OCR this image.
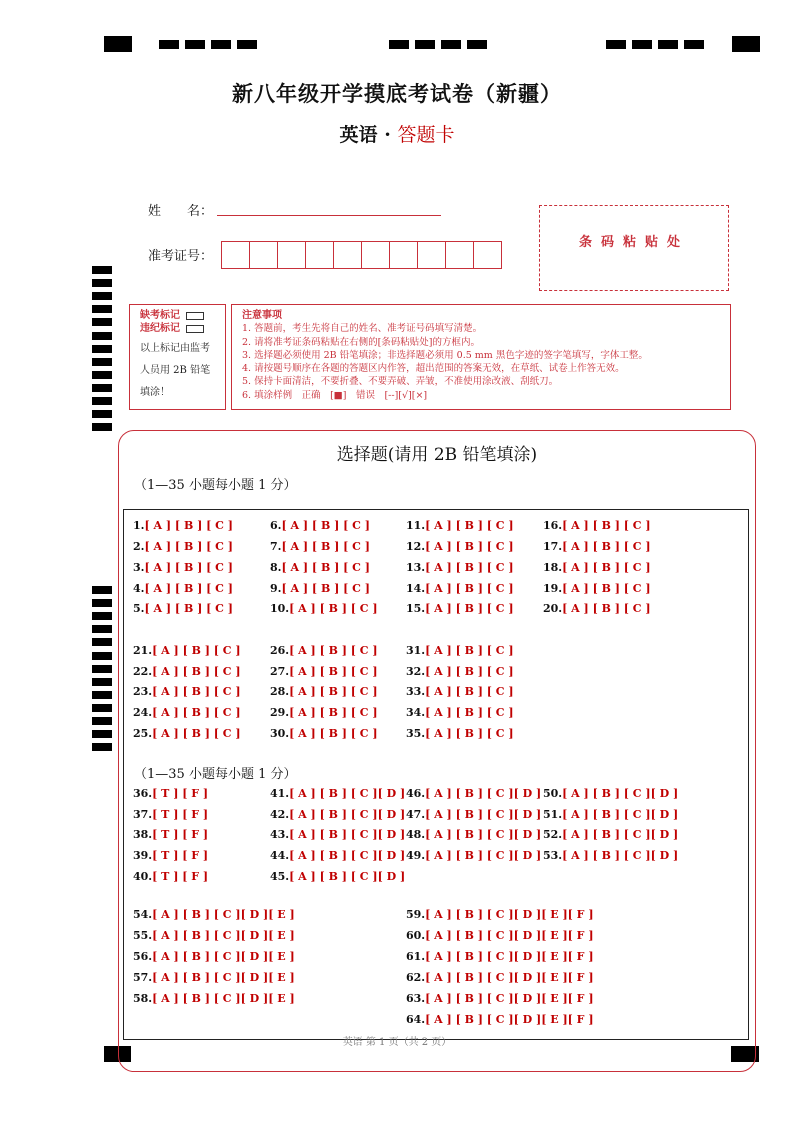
新八年级开学摸底考试卷（新疆）
英语 · 答题卡
姓　　名：
准考证号：
条码粘贴处
缺考标记
违纪标记
以上标记由监考人员用 2B 铅笔填涂！
注意事项
1. 答题前，考生先将自己的姓名、准考证号码填写清楚。
2. 请将准考证条码粘贴在右侧的[条码粘贴处]的方框内。
3. 选择题必须使用 2B 铅笔填涂；非选择题必须用 0.5 mm 黑色字迹的签字笔填写，字体工整。
4. 请按题号顺序在各题的答题区内作答，超出范围的答案无效，在草纸、试卷上作答无效。
5. 保持卡面清洁，不要折叠、不要弄破、弄皱，不准使用涂改液、刮纸刀。
6. 填涂样例　正确　[■]　错误　[--][√][×]
选择题(请用 2B 铅笔填涂)
（1—35 小题每小题 1 分）
（1—35 小题每小题 1 分）
1.[ A ] [ B ] [ C ]
2.[ A ] [ B ] [ C ]
3.[ A ] [ B ] [ C ]
4.[ A ] [ B ] [ C ]
5.[ A ] [ B ] [ C ]
6.[ A ] [ B ] [ C ]
7.[ A ] [ B ] [ C ]
8.[ A ] [ B ] [ C ]
9.[ A ] [ B ] [ C ]
10.[ A ] [ B ] [ C ]
11.[ A ] [ B ] [ C ]
12.[ A ] [ B ] [ C ]
13.[ A ] [ B ] [ C ]
14.[ A ] [ B ] [ C ]
15.[ A ] [ B ] [ C ]
16.[ A ] [ B ] [ C ]
17.[ A ] [ B ] [ C ]
18.[ A ] [ B ] [ C ]
19.[ A ] [ B ] [ C ]
20.[ A ] [ B ] [ C ]
21.[ A ] [ B ] [ C ]
22.[ A ] [ B ] [ C ]
23.[ A ] [ B ] [ C ]
24.[ A ] [ B ] [ C ]
25.[ A ] [ B ] [ C ]
26.[ A ] [ B ] [ C ]
27.[ A ] [ B ] [ C ]
28.[ A ] [ B ] [ C ]
29.[ A ] [ B ] [ C ]
30.[ A ] [ B ] [ C ]
31.[ A ] [ B ] [ C ]
32.[ A ] [ B ] [ C ]
33.[ A ] [ B ] [ C ]
34.[ A ] [ B ] [ C ]
35.[ A ] [ B ] [ C ]
36.[ T ] [ F ]
37.[ T ] [ F ]
38.[ T ] [ F ]
39.[ T ] [ F ]
40.[ T ] [ F ]
41.[ A ] [ B ] [ C ][ D ]
42.[ A ] [ B ] [ C ][ D ]
43.[ A ] [ B ] [ C ][ D ]
44.[ A ] [ B ] [ C ][ D ]
45.[ A ] [ B ] [ C ][ D ]
46.[ A ] [ B ] [ C ][ D ]
47.[ A ] [ B ] [ C ][ D ]
48.[ A ] [ B ] [ C ][ D ]
49.[ A ] [ B ] [ C ][ D ]
50.[ A ] [ B ] [ C ][ D ]
51.[ A ] [ B ] [ C ][ D ]
52.[ A ] [ B ] [ C ][ D ]
53.[ A ] [ B ] [ C ][ D ]
54.[ A ] [ B ] [ C ][ D ][ E ]
55.[ A ] [ B ] [ C ][ D ][ E ]
56.[ A ] [ B ] [ C ][ D ][ E ]
57.[ A ] [ B ] [ C ][ D ][ E ]
58.[ A ] [ B ] [ C ][ D ][ E ]
59.[ A ] [ B ] [ C ][ D ][ E ][ F ]
60.[ A ] [ B ] [ C ][ D ][ E ][ F ]
61.[ A ] [ B ] [ C ][ D ][ E ][ F ]
62.[ A ] [ B ] [ C ][ D ][ E ][ F ]
63.[ A ] [ B ] [ C ][ D ][ E ][ F ]
64.[ A ] [ B ] [ C ][ D ][ E ][ F ]
英语 第 1 页（共 2 页）
